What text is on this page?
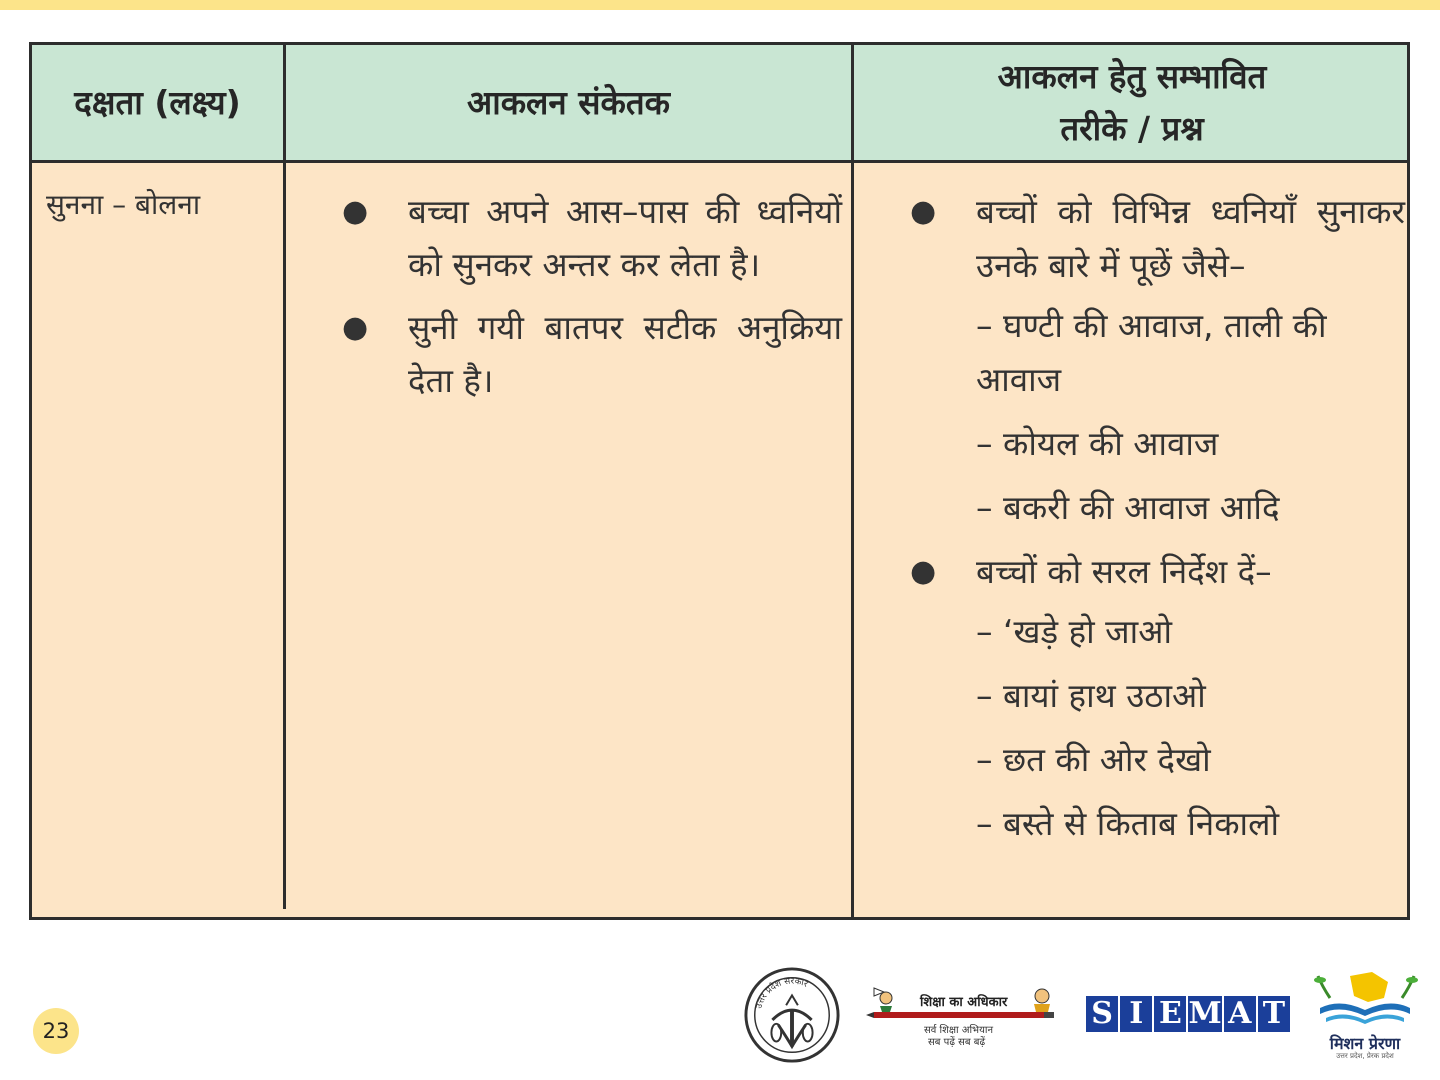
दक्षता (लक्ष्य)	आकलन संकेतक
आकलन हेतु सम्भावित
तरीके / प्रश्न
सुनना – बोलना	● बच्चा अपने आस–पास की ध्वनियों को सुनकर अन्तर कर लेता है।
● सुनी गयी बातपर सटीक अनुक्रिया देता है।
● बच्चों को विभिन्न ध्वनियाँ सुनाकर उनके बारे में पूछें जैसे–
– घण्टी की आवाज, ताली की आवाज
– कोयल की आवाज
– बकरी की आवाज आदि
● बच्चों को सरल निर्देश दें–
– ‘खड़े हो जाओ
– बायां हाथ उठाओ
– छत की ओर देखो
– बस्ते से किताब निकालो
23
उत्तर प्रदेश सरकार
शिक्षा का अधिकार
सर्व शिक्षा अभियान
सब पढ़ें सब बढ़ें
S I E M A T
मिशन प्रेरणा
उत्तर प्रदेश, प्रेरक प्रदेश
